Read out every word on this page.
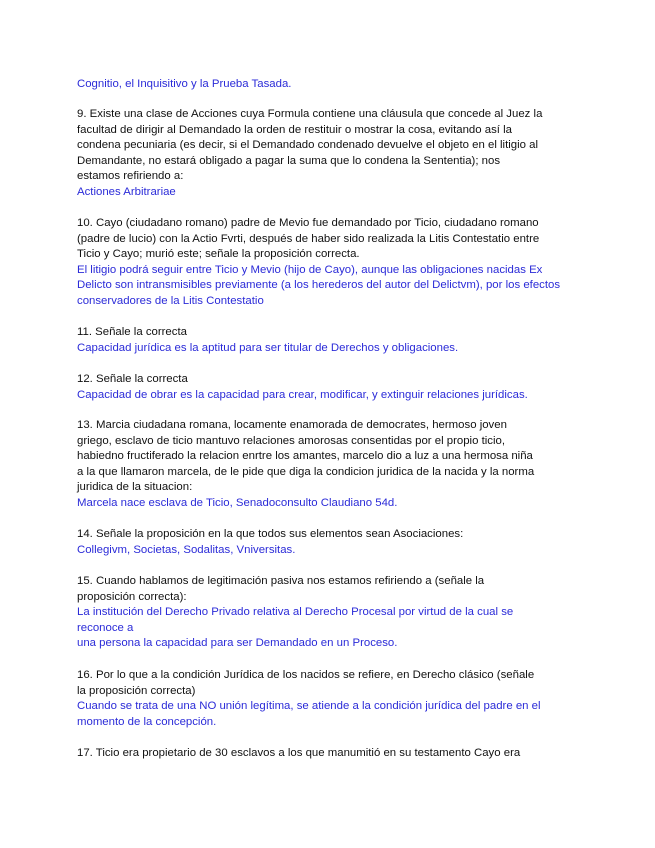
Cognitio, el Inquisitivo y la Prueba Tasada.
9. Existe una clase de Acciones cuya Formula contiene una cláusula que concede al Juez la
facultad de dirigir al Demandado la orden de restituir o mostrar la cosa, evitando así la
condena pecuniaria (es decir, si el Demandado condenado devuelve el objeto en el litigio al
Demandante, no estará obligado a pagar la suma que lo condena la Sententia); nos
estamos refiriendo a:
Actiones Arbitrariae
10. Cayo (ciudadano romano) padre de Mevio fue demandado por Ticio, ciudadano romano
(padre de lucio) con la Actio Fvrti, después de haber sido realizada la Litis Contestatio entre
Ticio y Cayo; murió este; señale la proposición correcta.
El litigio podrá seguir entre Ticio y Mevio (hijo de Cayo), aunque las obligaciones nacidas Ex
Delicto son intransmisibles previamente (a los herederos del autor del Delictvm), por los efectos
conservadores de la Litis Contestatio
11. Señale la correcta
Capacidad jurídica es la aptitud para ser titular de Derechos y obligaciones.
12. Señale la correcta
Capacidad de obrar es la capacidad para crear, modificar, y extinguir relaciones jurídicas.
13. Marcia ciudadana romana, locamente enamorada de democrates, hermoso joven
griego, esclavo de ticio mantuvo relaciones amorosas consentidas por el propio ticio,
habiedno fructiferado la relacion enrtre los amantes, marcelo dio a luz a una hermosa niña
a la que llamaron marcela, de le pide que diga la condicion juridica de la nacida y la norma
juridica de la situacion:
Marcela nace esclava de Ticio, Senadoconsulto Claudiano 54d.
14. Señale la proposición en la que todos sus elementos sean Asociaciones:
Collegivm, Societas, Sodalitas, Vniversitas.
15. Cuando hablamos de legitimación pasiva nos estamos refiriendo a (señale la
proposición correcta):
La institución del Derecho Privado relativa al Derecho Procesal por virtud de la cual se
reconoce a
una persona la capacidad para ser Demandado en un Proceso.
16. Por lo que a la condición Jurídica de los nacidos se refiere, en Derecho clásico (señale
la proposición correcta)
Cuando se trata de una NO unión legítima, se atiende a la condición jurídica del padre en el
momento de la concepción.
17. Ticio era propietario de 30 esclavos a los que manumitió en su testamento Cayo era
